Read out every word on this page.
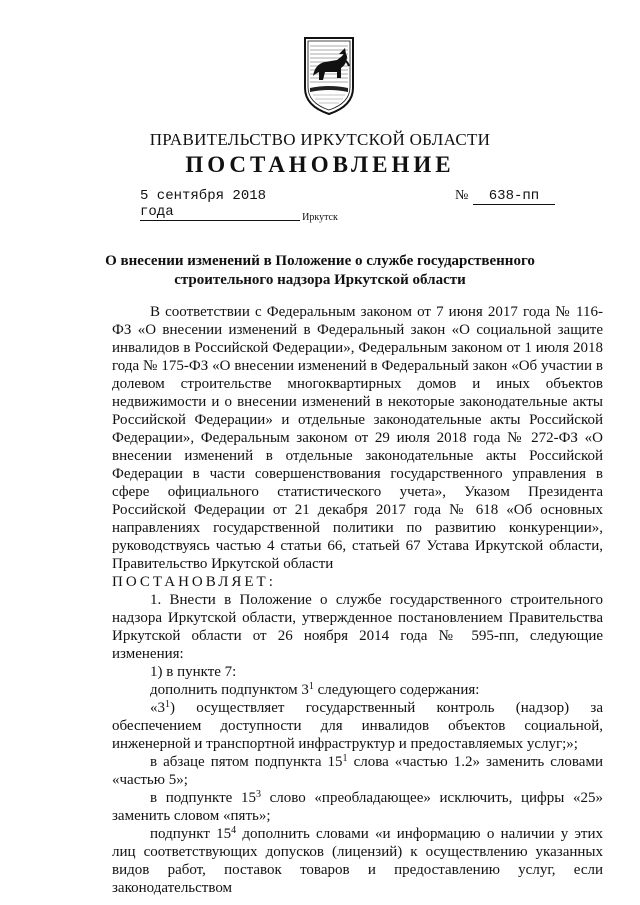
ПРАВИТЕЛЬСТВО ИРКУТСКОЙ ОБЛАСТИ
ПОСТАНОВЛЕНИЕ
5 сентября 2018 года
№	638-пп
Иркутск
О внесении изменений в Положение о службе государственного строительного надзора Иркутской области

В соответствии с Федеральным законом от 7 июня 2017 года № 116-ФЗ «О внесении изменений в Федеральный закон «О социальной защите инвалидов в Российской Федерации», Федеральным законом от 1 июля 2018 года № 175-ФЗ «О внесении изменений в Федеральный закон «Об участии в долевом строительстве многоквартирных домов и иных объектов недвижимости и о внесении изменений в некоторые законодательные акты Российской Федерации» и отдельные законодательные акты Российской Федерации», Федеральным законом от 29 июля 2018 года № 272-ФЗ «О внесении изменений в отдельные законодательные акты Российской Федерации в части совершенствования государственного управления в сфере официального статистического учета», Указом Президента Российской Федерации от 21 декабря 2017 года № 618 «Об основных направлениях государственной политики по развитию конкуренции», руководствуясь частью 4 статьи 66, статьей 67 Устава Иркутской области, Правительство Иркутской области

ПОСТАНОВЛЯЕТ:

1. Внести в Положение о службе государственного строительного надзора Иркутской области, утвержденное постановлением Правительства Иркутской области от 26 ноября 2014 года № 595-пп, следующие изменения:

1) в пункте 7:

дополнить подпунктом $3^1$ следующего содержания:

«$3^1$) осуществляет государственный контроль (надзор) за обеспечением доступности для инвалидов объектов социальной, инженерной и транспортной инфраструктур и предоставляемых услуг;»;

в абзаце пятом подпункта $15^1$ слова «частью 1.2» заменить словами «частью 5»;

в подпункте $15^3$ слово «преобладающее» исключить, цифры «25» заменить словом «пять»;

подпункт $15^4$ дополнить словами «и информацию о наличии у этих лиц соответствующих допусков (лицензий) к осуществлению указанных видов работ, поставок товаров и предоставлению услуг, если законодательством
